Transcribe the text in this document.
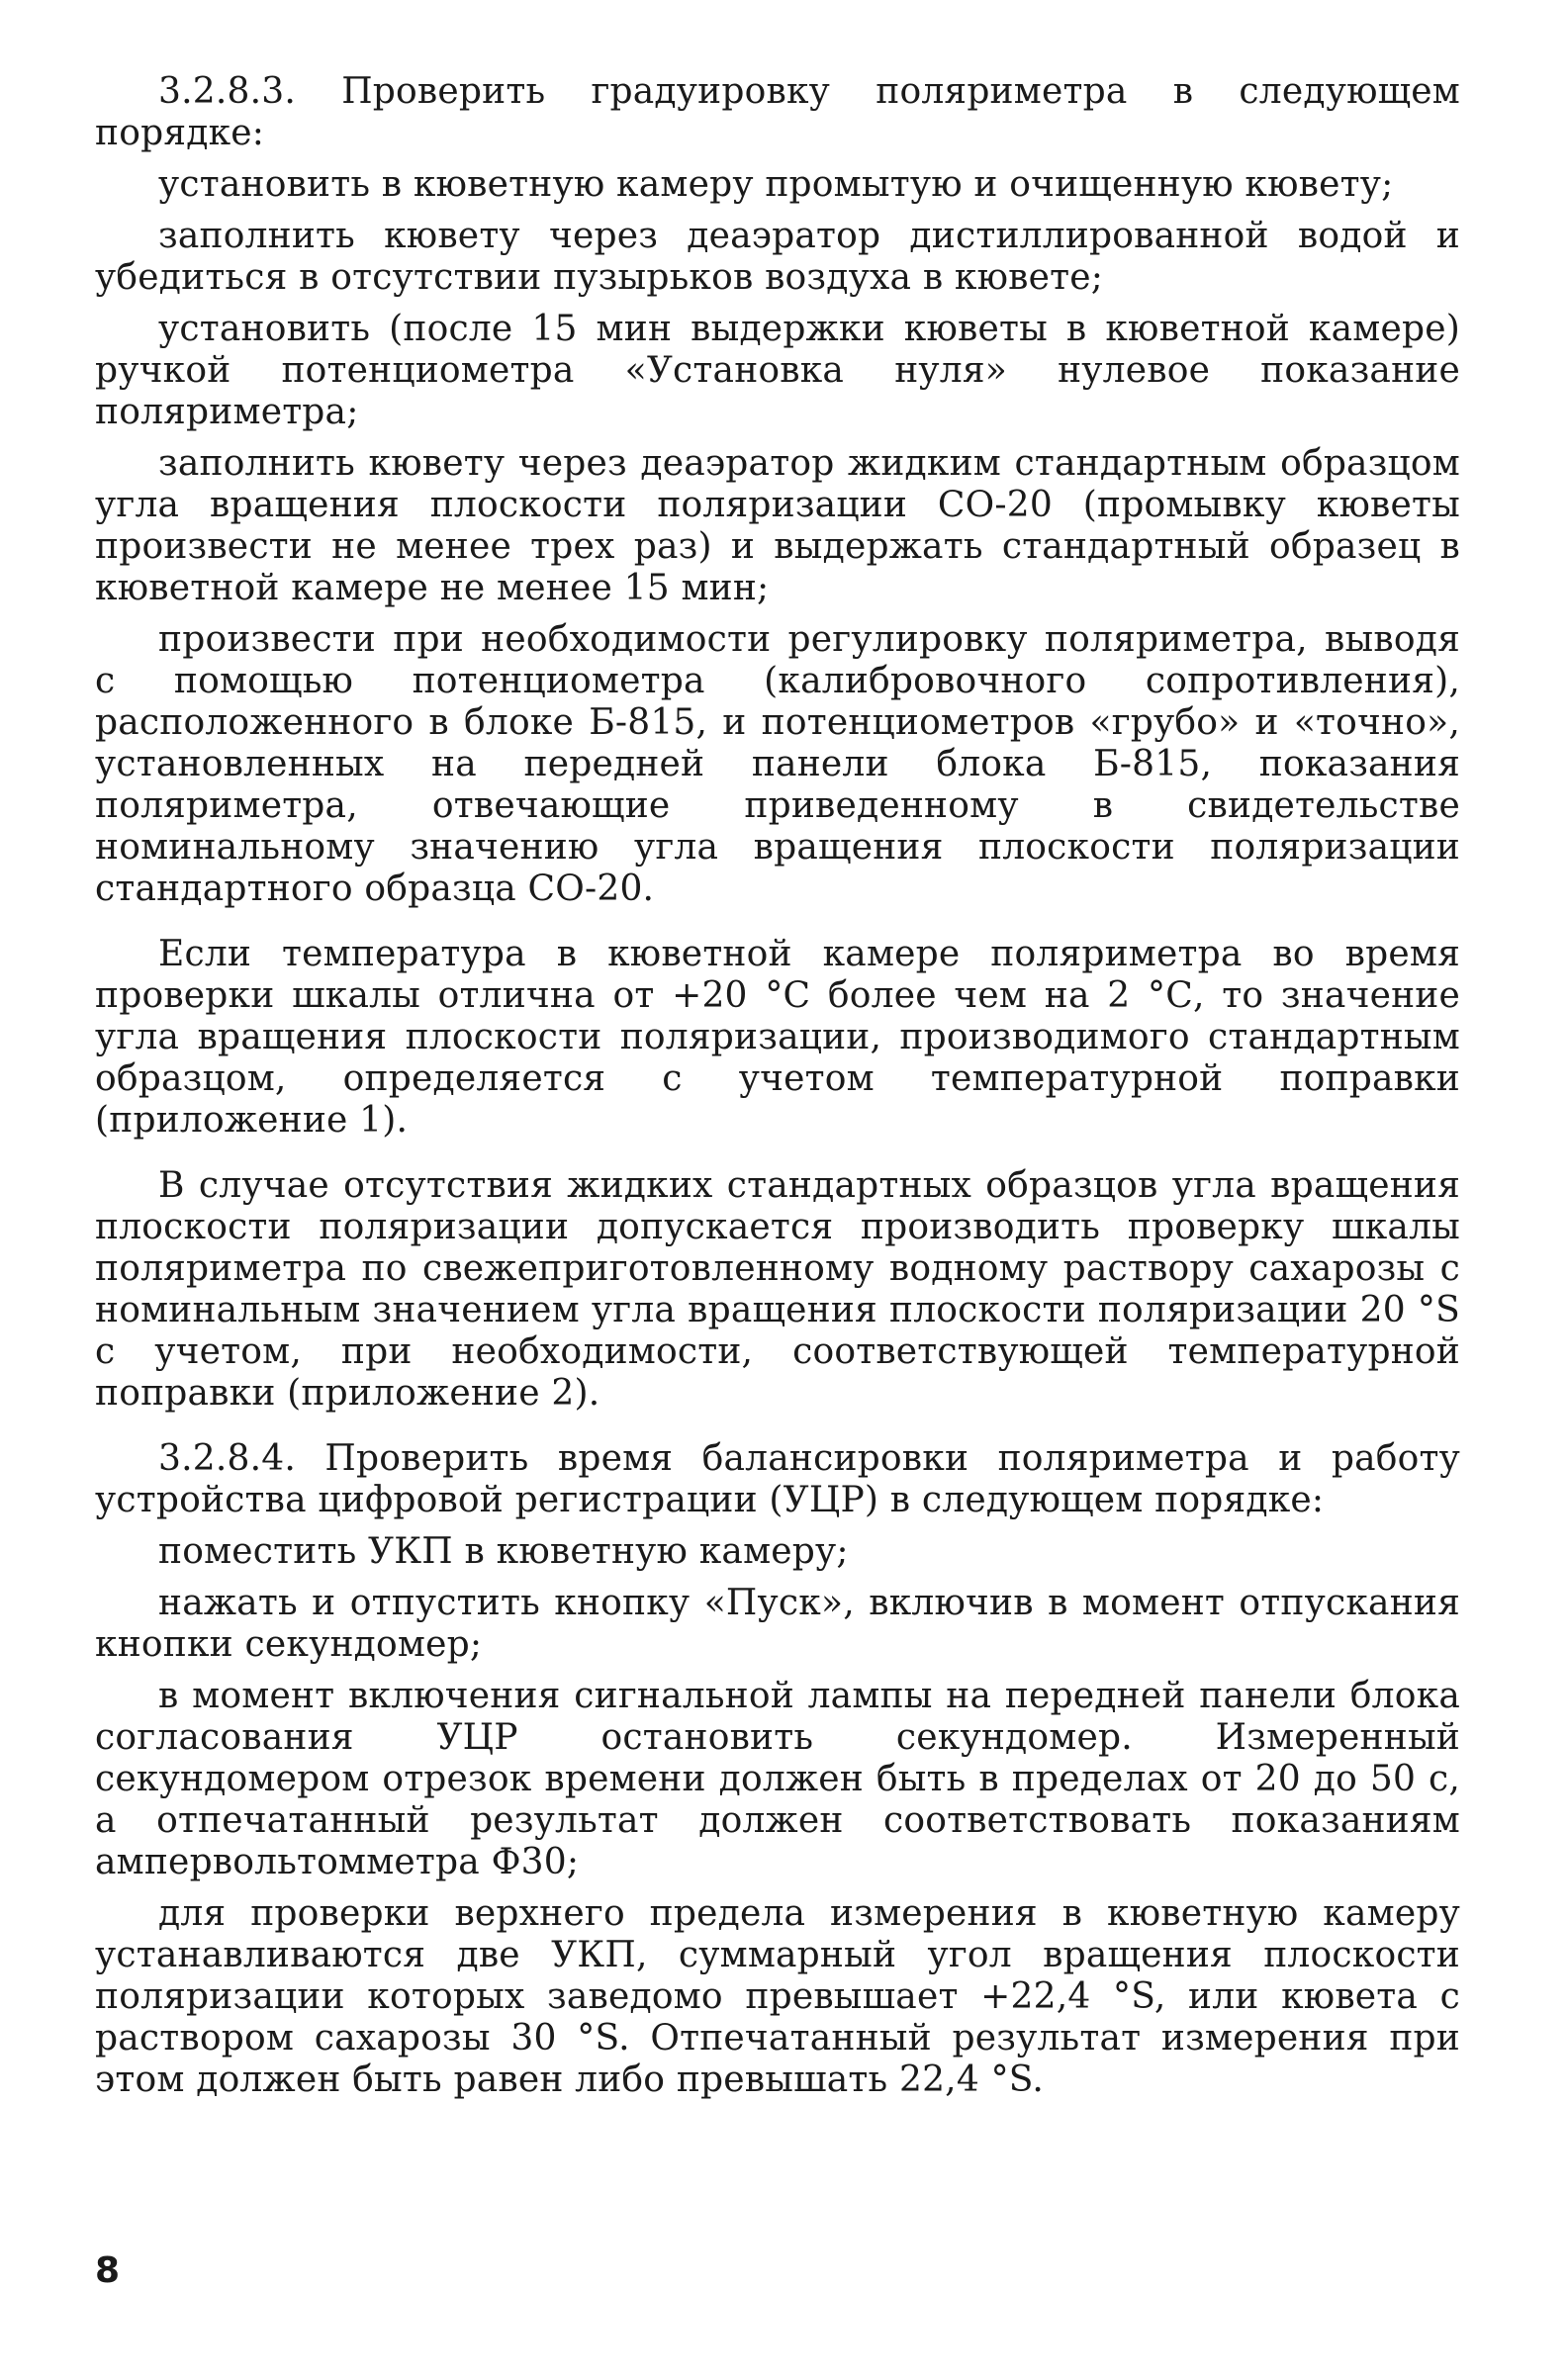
3.2.8.3. Проверить градуировку поляриметра в следующем порядке:

установить в кюветную камеру промытую и очищенную кювету;

заполнить кювету через деаэратор дистиллированной водой и убедиться в отсутствии пузырьков воздуха в кювете;

установить (после 15 мин выдержки кюветы в кюветной камере) ручкой потенциометра «Установка нуля» нулевое показание поляриметра;

заполнить кювету через деаэратор жидким стандартным образцом угла вращения плоскости поляризации СО-20 (промывку кюветы произвести не менее трех раз) и выдержать стандартный образец в кюветной камере не менее 15 мин;

произвести при необходимости регулировку поляриметра, выводя с помощью потенциометра (калибровочного сопротивления), расположенного в блоке Б-815, и потенциометров «грубо» и «точно», установленных на передней панели блока Б-815, показания поляриметра, отвечающие приведенному в свидетельстве номинальному значению угла вращения плоскости поляризации стандартного образца СО-20.

Если температура в кюветной камере поляриметра во время проверки шкалы отлична от +20 °С более чем на 2 °С, то значение угла вращения плоскости поляризации, производимого стандартным образцом, определяется с учетом температурной поправки (приложение 1).

В случае отсутствия жидких стандартных образцов угла вращения плоскости поляризации допускается производить проверку шкалы поляриметра по свежеприготовленному водному раствору сахарозы с номинальным значением угла вращения плоскости поляризации 20 °S с учетом, при необходимости, соответствующей температурной поправки (приложение 2).

3.2.8.4. Проверить время балансировки поляриметра и работу устройства цифровой регистрации (УЦР) в следующем порядке:

поместить УКП в кюветную камеру;

нажать и отпустить кнопку «Пуск», включив в момент отпускания кнопки секундомер;

в момент включения сигнальной лампы на передней панели блока согласования УЦР остановить секундомер. Измеренный секундомером отрезок времени должен быть в пределах от 20 до 50 с, а отпечатанный результат должен соответствовать показаниям ампервольтомметра Ф30;

для проверки верхнего предела измерения в кюветную камеру устанавливаются две УКП, суммарный угол вращения плоскости поляризации которых заведомо превышает +22,4 °S, или кювета с раствором сахарозы 30 °S. Отпечатанный результат измерения при этом должен быть равен либо превышать 22,4 °S.

8
